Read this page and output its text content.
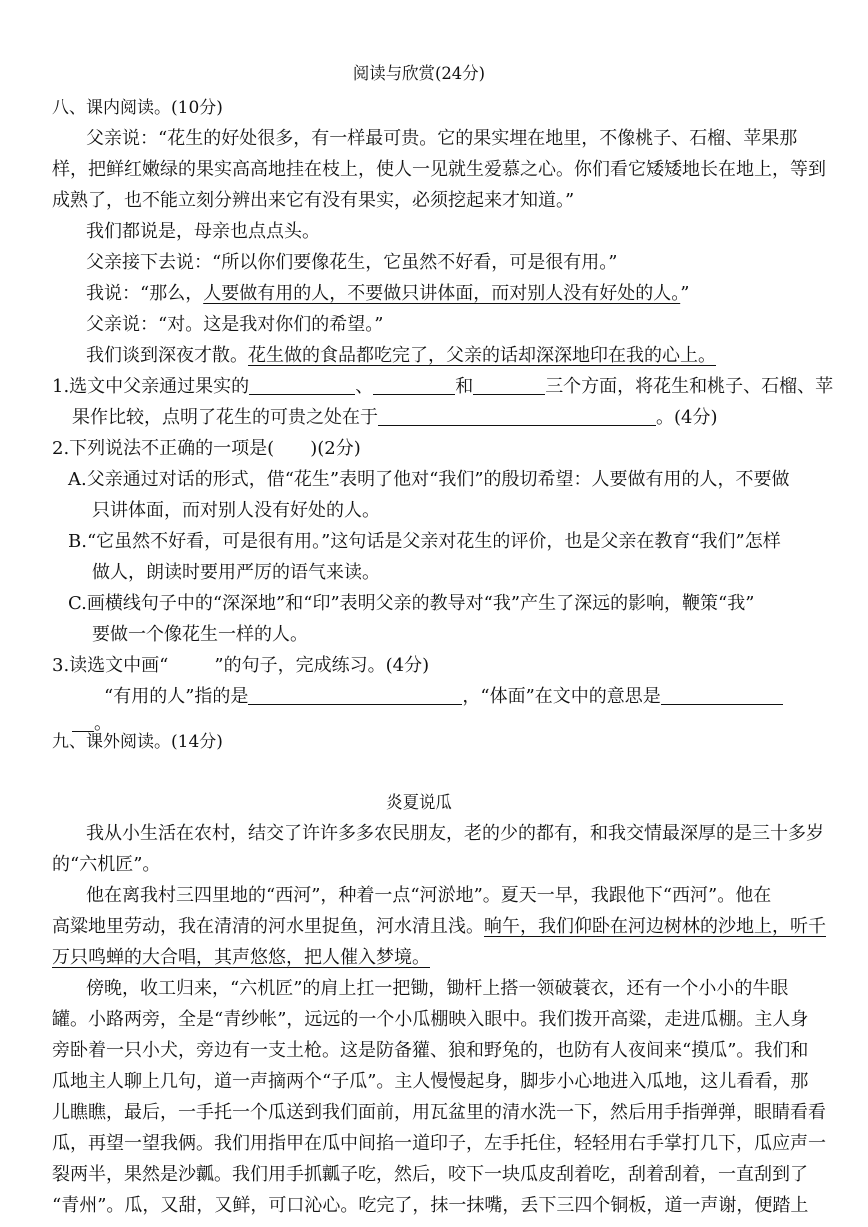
阅读与欣赏(24分)
八、课内阅读。(10分)
父亲说：“花生的好处很多，有一样最可贵。它的果实埋在地里，不像桃子、石榴、苹果那
样，把鲜红嫩绿的果实高高地挂在枝上，使人一见就生爱慕之心。你们看它矮矮地长在地上，等到
成熟了，也不能立刻分辨出来它有没有果实，必须挖起来才知道。”
我们都说是，母亲也点点头。
父亲接下去说：“所以你们要像花生，它虽然不好看，可是很有用。”
我说：“那么，人要做有用的人，不要做只讲体面，而对别人没有好处的人。”
父亲说：“对。这是我对你们的希望。”
我们谈到深夜才散。花生做的食品都吃完了，父亲的话却深深地印在我的心上。
1.选文中父亲通过果实的	、	和	三个方面，将花生和桃子、石榴、苹
果作比较，点明了花生的可贵之处在于	。(4分)
2.下列说法不正确的一项是(　　)(2分)
A.父亲通过对话的形式，借“花生”表明了他对“我们”的殷切希望：人要做有用的人，不要做
只讲体面，而对别人没有好处的人。
B.“它虽然不好看，可是很有用。”这句话是父亲对花生的评价，也是父亲在教育“我们”怎样
做人，朗读时要用严厉的语气来读。
C.画横线句子中的“深深地”和“印”表明父亲的教导对“我”产生了深远的影响，鞭策“我”
要做一个像花生一样的人。
3.读选文中画“	”的句子，完成练习。(4分)
“有用的人”指的是	，“体面”在文中的意思是
。
九、课外阅读。(14分)
炎夏说瓜
我从小生活在农村，结交了许许多多农民朋友，老的少的都有，和我交情最深厚的是三十多岁
的“六机匠”。
他在离我村三四里地的“西河”，种着一点“河淤地”。夏天一早，我跟他下“西河”。他在
高粱地里劳动，我在清清的河水里捉鱼，河水清且浅。晌午，我们仰卧在河边树林的沙地上，听千
万只鸣蝉的大合唱，其声悠悠，把人催入梦境。
傍晚，收工归来，“六机匠”的肩上扛一把锄，锄杆上搭一领破蓑衣，还有一个小小的牛眼
罐。小路两旁，全是“青纱帐”，远远的一个小瓜棚映入眼中。我们拨开高粱，走进瓜棚。主人身
旁卧着一只小犬，旁边有一支土枪。这是防备獾、狼和野兔的，也防有人夜间来“摸瓜”。我们和
瓜地主人聊上几句，道一声摘两个“子瓜”。主人慢慢起身，脚步小心地进入瓜地，这儿看看，那
儿瞧瞧，最后，一手托一个瓜送到我们面前，用瓦盆里的清水洗一下，然后用手指弹弹，眼睛看看
瓜，再望一望我俩。我们用指甲在瓜中间掐一道印子，左手托住，轻轻用右手掌打几下，瓜应声一
裂两半，果然是沙瓤。我们用手抓瓤子吃，然后，咬下一块瓜皮刮着吃，刮着刮着，一直刮到了
“青州”。瓜，又甜，又鲜，可口沁心。吃完了，抹一抹嘴，丢下三四个铜板，道一声谢，便踏上
